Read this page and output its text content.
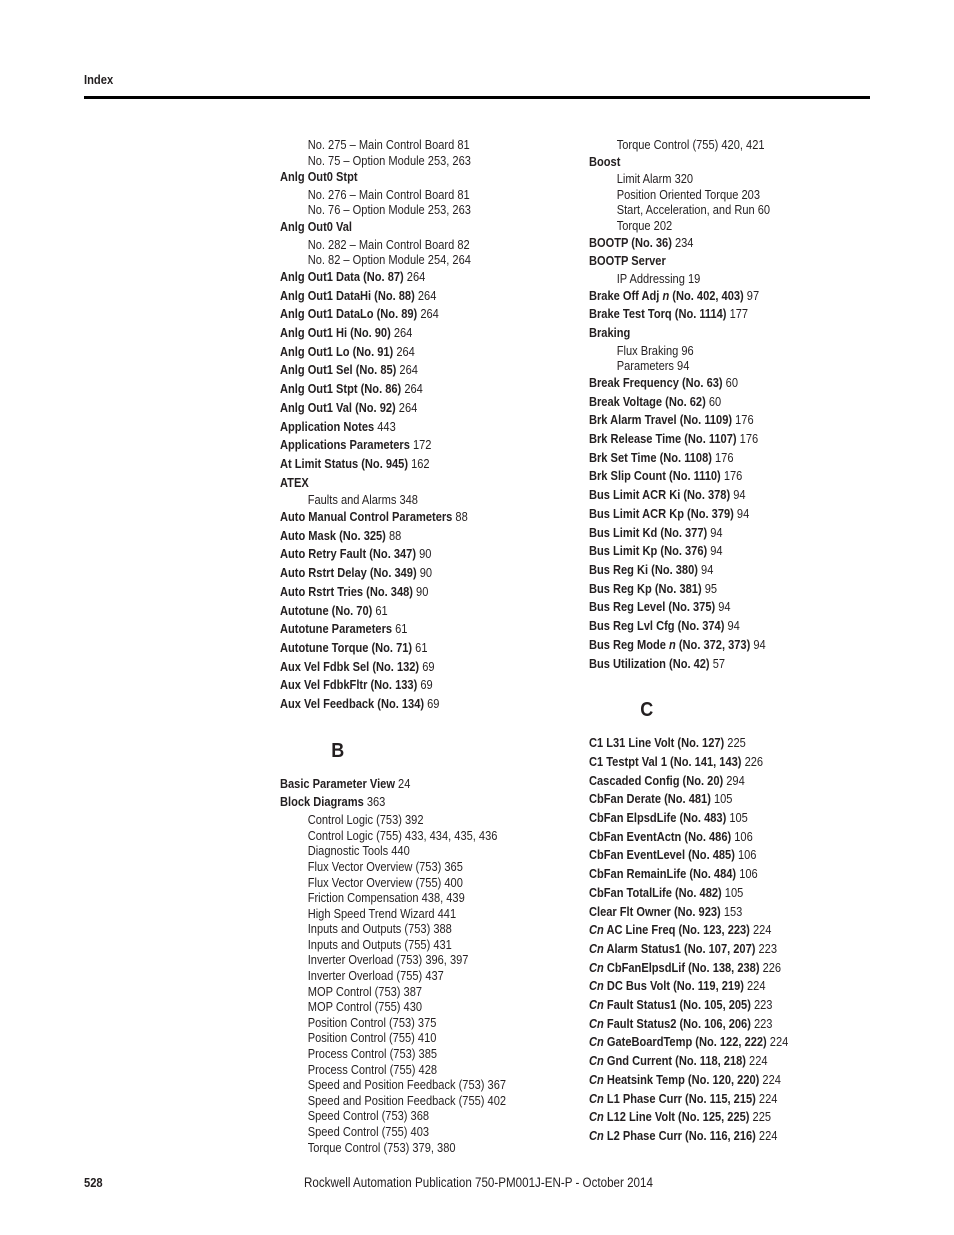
Index
No. 275 – Main Control Board 81
No. 75 – Option Module 253, 263
Anlg Out0 Stpt
No. 276 – Main Control Board 81
No. 76 – Option Module 253, 263
Anlg Out0 Val
No. 282 – Main Control Board 82
No. 82 – Option Module 254, 264
Anlg Out1 Data (No. 87) 264
Anlg Out1 DataHi (No. 88) 264
Anlg Out1 DataLo (No. 89) 264
Anlg Out1 Hi (No. 90) 264
Anlg Out1 Lo (No. 91) 264
Anlg Out1 Sel (No. 85) 264
Anlg Out1 Stpt (No. 86) 264
Anlg Out1 Val (No. 92) 264
Application Notes 443
Applications Parameters 172
At Limit Status (No. 945) 162
ATEX
Faults and Alarms 348
Auto Manual Control Parameters 88
Auto Mask (No. 325) 88
Auto Retry Fault (No. 347) 90
Auto Rstrt Delay (No. 349) 90
Auto Rstrt Tries (No. 348) 90
Autotune (No. 70) 61
Autotune Parameters 61
Autotune Torque (No. 71) 61
Aux Vel Fdbk Sel (No. 132) 69
Aux Vel FdbkFltr (No. 133) 69
Aux Vel Feedback (No. 134) 69
B
Basic Parameter View 24
Block Diagrams 363
Control Logic (753) 392
Control Logic (755) 433, 434, 435, 436
Diagnostic Tools 440
Flux Vector Overview (753) 365
Flux Vector Overview (755) 400
Friction Compensation 438, 439
High Speed Trend Wizard 441
Inputs and Outputs (753) 388
Inputs and Outputs (755) 431
Inverter Overload (753) 396, 397
Inverter Overload (755) 437
MOP Control (753) 387
MOP Control (755) 430
Position Control (753) 375
Position Control (755) 410
Process Control (753) 385
Process Control (755) 428
Speed and Position Feedback (753) 367
Speed and Position Feedback (755) 402
Speed Control (753) 368
Speed Control (755) 403
Torque Control (753) 379, 380
Torque Control (755) 420, 421
Boost
Limit Alarm 320
Position Oriented Torque 203
Start, Acceleration, and Run 60
Torque 202
BOOTP (No. 36) 234
BOOTP Server
IP Addressing 19
Brake Off Adj n (No. 402, 403) 97
Brake Test Torq (No. 1114) 177
Braking
Flux Braking 96
Parameters 94
Break Frequency (No. 63) 60
Break Voltage (No. 62) 60
Brk Alarm Travel (No. 1109) 176
Brk Release Time (No. 1107) 176
Brk Set Time (No. 1108) 176
Brk Slip Count (No. 1110) 176
Bus Limit ACR Ki (No. 378) 94
Bus Limit ACR Kp (No. 379) 94
Bus Limit Kd (No. 377) 94
Bus Limit Kp (No. 376) 94
Bus Reg Ki (No. 380) 94
Bus Reg Kp (No. 381) 95
Bus Reg Level (No. 375) 94
Bus Reg Lvl Cfg (No. 374) 94
Bus Reg Mode n (No. 372, 373) 94
Bus Utilization (No. 42) 57
C
C1 L31 Line Volt (No. 127) 225
C1 Testpt Val 1 (No. 141, 143) 226
Cascaded Config (No. 20) 294
CbFan Derate (No. 481) 105
CbFan ElpsdLife (No. 483) 105
CbFan EventActn (No. 486) 106
CbFan EventLevel (No. 485) 106
CbFan RemainLife (No. 484) 106
CbFan TotalLife (No. 482) 105
Clear Flt Owner (No. 923) 153
Cn AC Line Freq (No. 123, 223) 224
Cn Alarm Status1 (No. 107, 207) 223
Cn CbFanElpsdLif (No. 138, 238) 226
Cn DC Bus Volt (No. 119, 219) 224
Cn Fault Status1 (No. 105, 205) 223
Cn Fault Status2 (No. 106, 206) 223
Cn GateBoardTemp (No. 122, 222) 224
Cn Gnd Current (No. 118, 218) 224
Cn Heatsink Temp (No. 120, 220) 224
Cn L1 Phase Curr (No. 115, 215) 224
Cn L12 Line Volt (No. 125, 225) 225
Cn L2 Phase Curr (No. 116, 216) 224
528	Rockwell Automation Publication 750-PM001J-EN-P - October 2014
